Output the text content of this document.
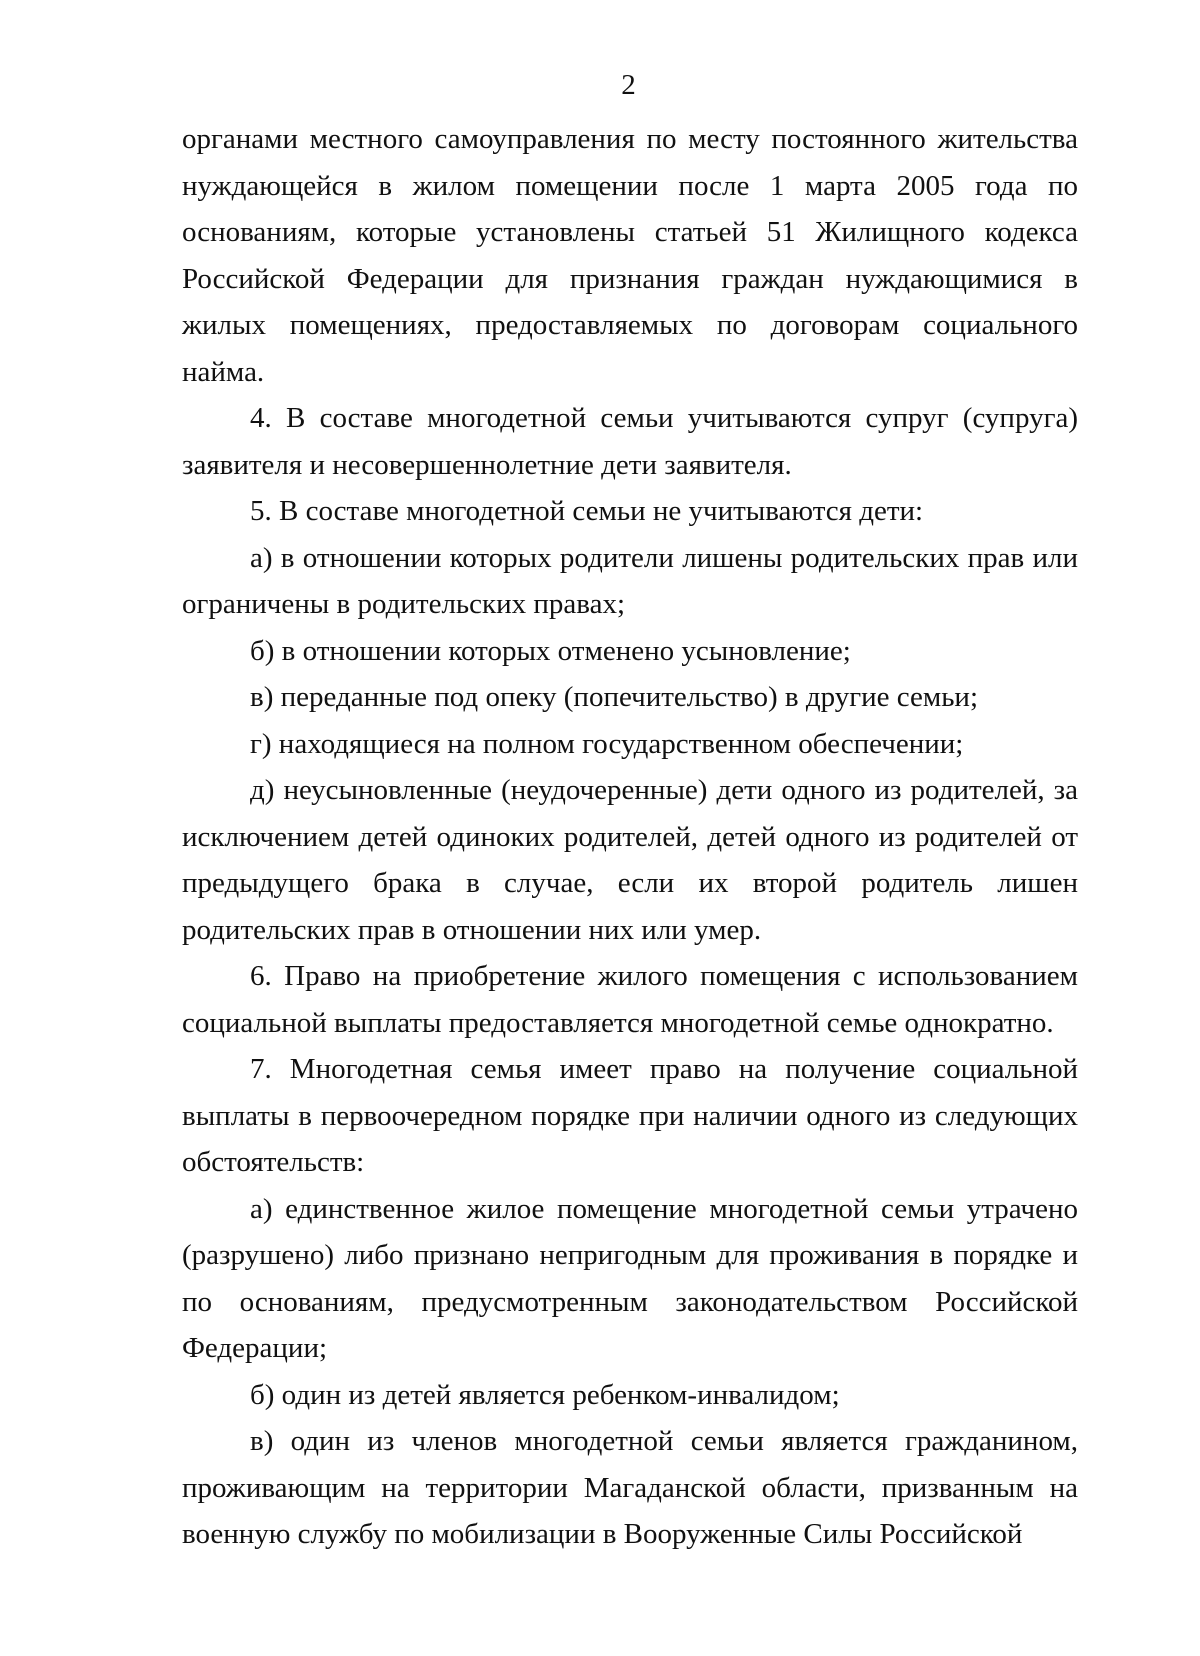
2

органами местного самоуправления по месту постоянного жительства нуждающейся в жилом помещении после 1 марта 2005 года по основаниям, которые установлены статьей 51 Жилищного кодекса Российской Федерации для признания граждан нуждающимися в жилых помещениях, предоставляемых по договорам социального найма.

4. В составе многодетной семьи учитываются супруг (супруга) заявителя и несовершеннолетние дети заявителя.

5. В составе многодетной семьи не учитываются дети:

а) в отношении которых родители лишены родительских прав или ограничены в родительских правах;

б) в отношении которых отменено усыновление;

в) переданные под опеку (попечительство) в другие семьи;

г) находящиеся на полном государственном обеспечении;

д) неусыновленные (неудочеренные) дети одного из родителей, за исключением детей одиноких родителей, детей одного из родителей от предыдущего брака в случае, если их второй родитель лишен родительских прав в отношении них или умер.

6. Право на приобретение жилого помещения с использованием социальной выплаты предоставляется многодетной семье однократно.

7. Многодетная семья имеет право на получение социальной выплаты в первоочередном порядке при наличии одного из следующих обстоятельств:

а) единственное жилое помещение многодетной семьи утрачено (разрушено) либо признано непригодным для проживания в порядке и по основаниям, предусмотренным законодательством Российской Федерации;

б) один из детей является ребенком-инвалидом;

в) один из членов многодетной семьи является гражданином, проживающим на территории Магаданской области, призванным на военную службу по мобилизации в Вооруженные Силы Российской
